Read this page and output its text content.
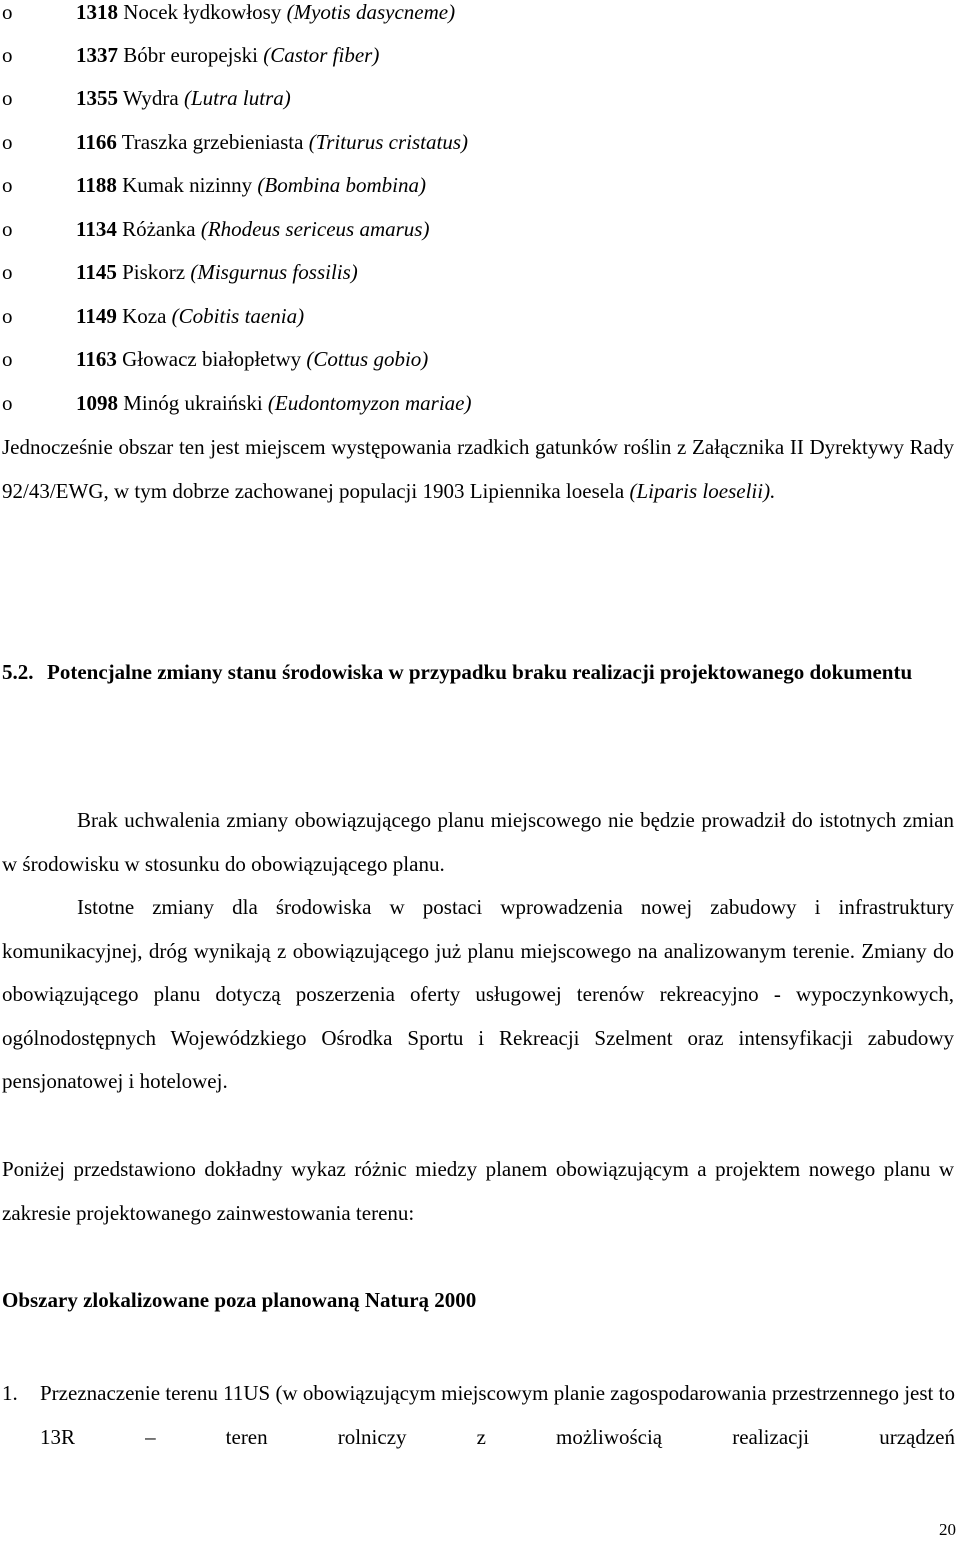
o	1318 Nocek łydkowłosy (Myotis dasycneme)
o	1337 Bóbr europejski (Castor fiber)
o	1355 Wydra (Lutra lutra)
o	1166 Traszka grzebieniasta (Triturus cristatus)
o	1188 Kumak nizinny (Bombina bombina)
o	1134 Różanka (Rhodeus sericeus amarus)
o	1145 Piskorz (Misgurnus fossilis)
o	1149 Koza (Cobitis taenia)
o	1163 Głowacz białopłetwy (Cottus gobio)
o	1098 Minóg ukraiński (Eudontomyzon mariae)

Jednocześnie obszar ten jest miejscem występowania rzadkich gatunków roślin z Załącznika II Dyrektywy Rady 92/43/EWG, w tym dobrze zachowanej populacji 1903 Lipiennika loesela (Liparis loeselii).

5.2. Potencjalne zmiany stanu środowiska w przypadku braku realizacji projektowanego dokumentu

Brak uchwalenia zmiany obowiązującego planu miejscowego nie będzie prowadził do istotnych zmian w środowisku w stosunku do obowiązującego planu.

Istotne zmiany dla środowiska w postaci wprowadzenia nowej zabudowy i infrastruktury komunikacyjnej, dróg wynikają z obowiązującego już planu miejscowego na analizowanym terenie. Zmiany do obowiązującego planu dotyczą poszerzenia oferty usługowej terenów rekreacyjno - wypoczynkowych, ogólnodostępnych Wojewódzkiego Ośrodka Sportu i Rekreacji Szelment oraz intensyfikacji zabudowy pensjonatowej i hotelowej.

Poniżej przedstawiono dokładny wykaz różnic miedzy planem obowiązującym a projektem nowego planu w zakresie projektowanego zainwestowania terenu:

Obszary zlokalizowane poza planowaną Naturą 2000
1. Przeznaczenie terenu 11US (w obowiązującym miejscowym planie zagospodarowania przestrzennego jest to 13R – teren rolniczy z możliwością realizacji urządzeń
20
